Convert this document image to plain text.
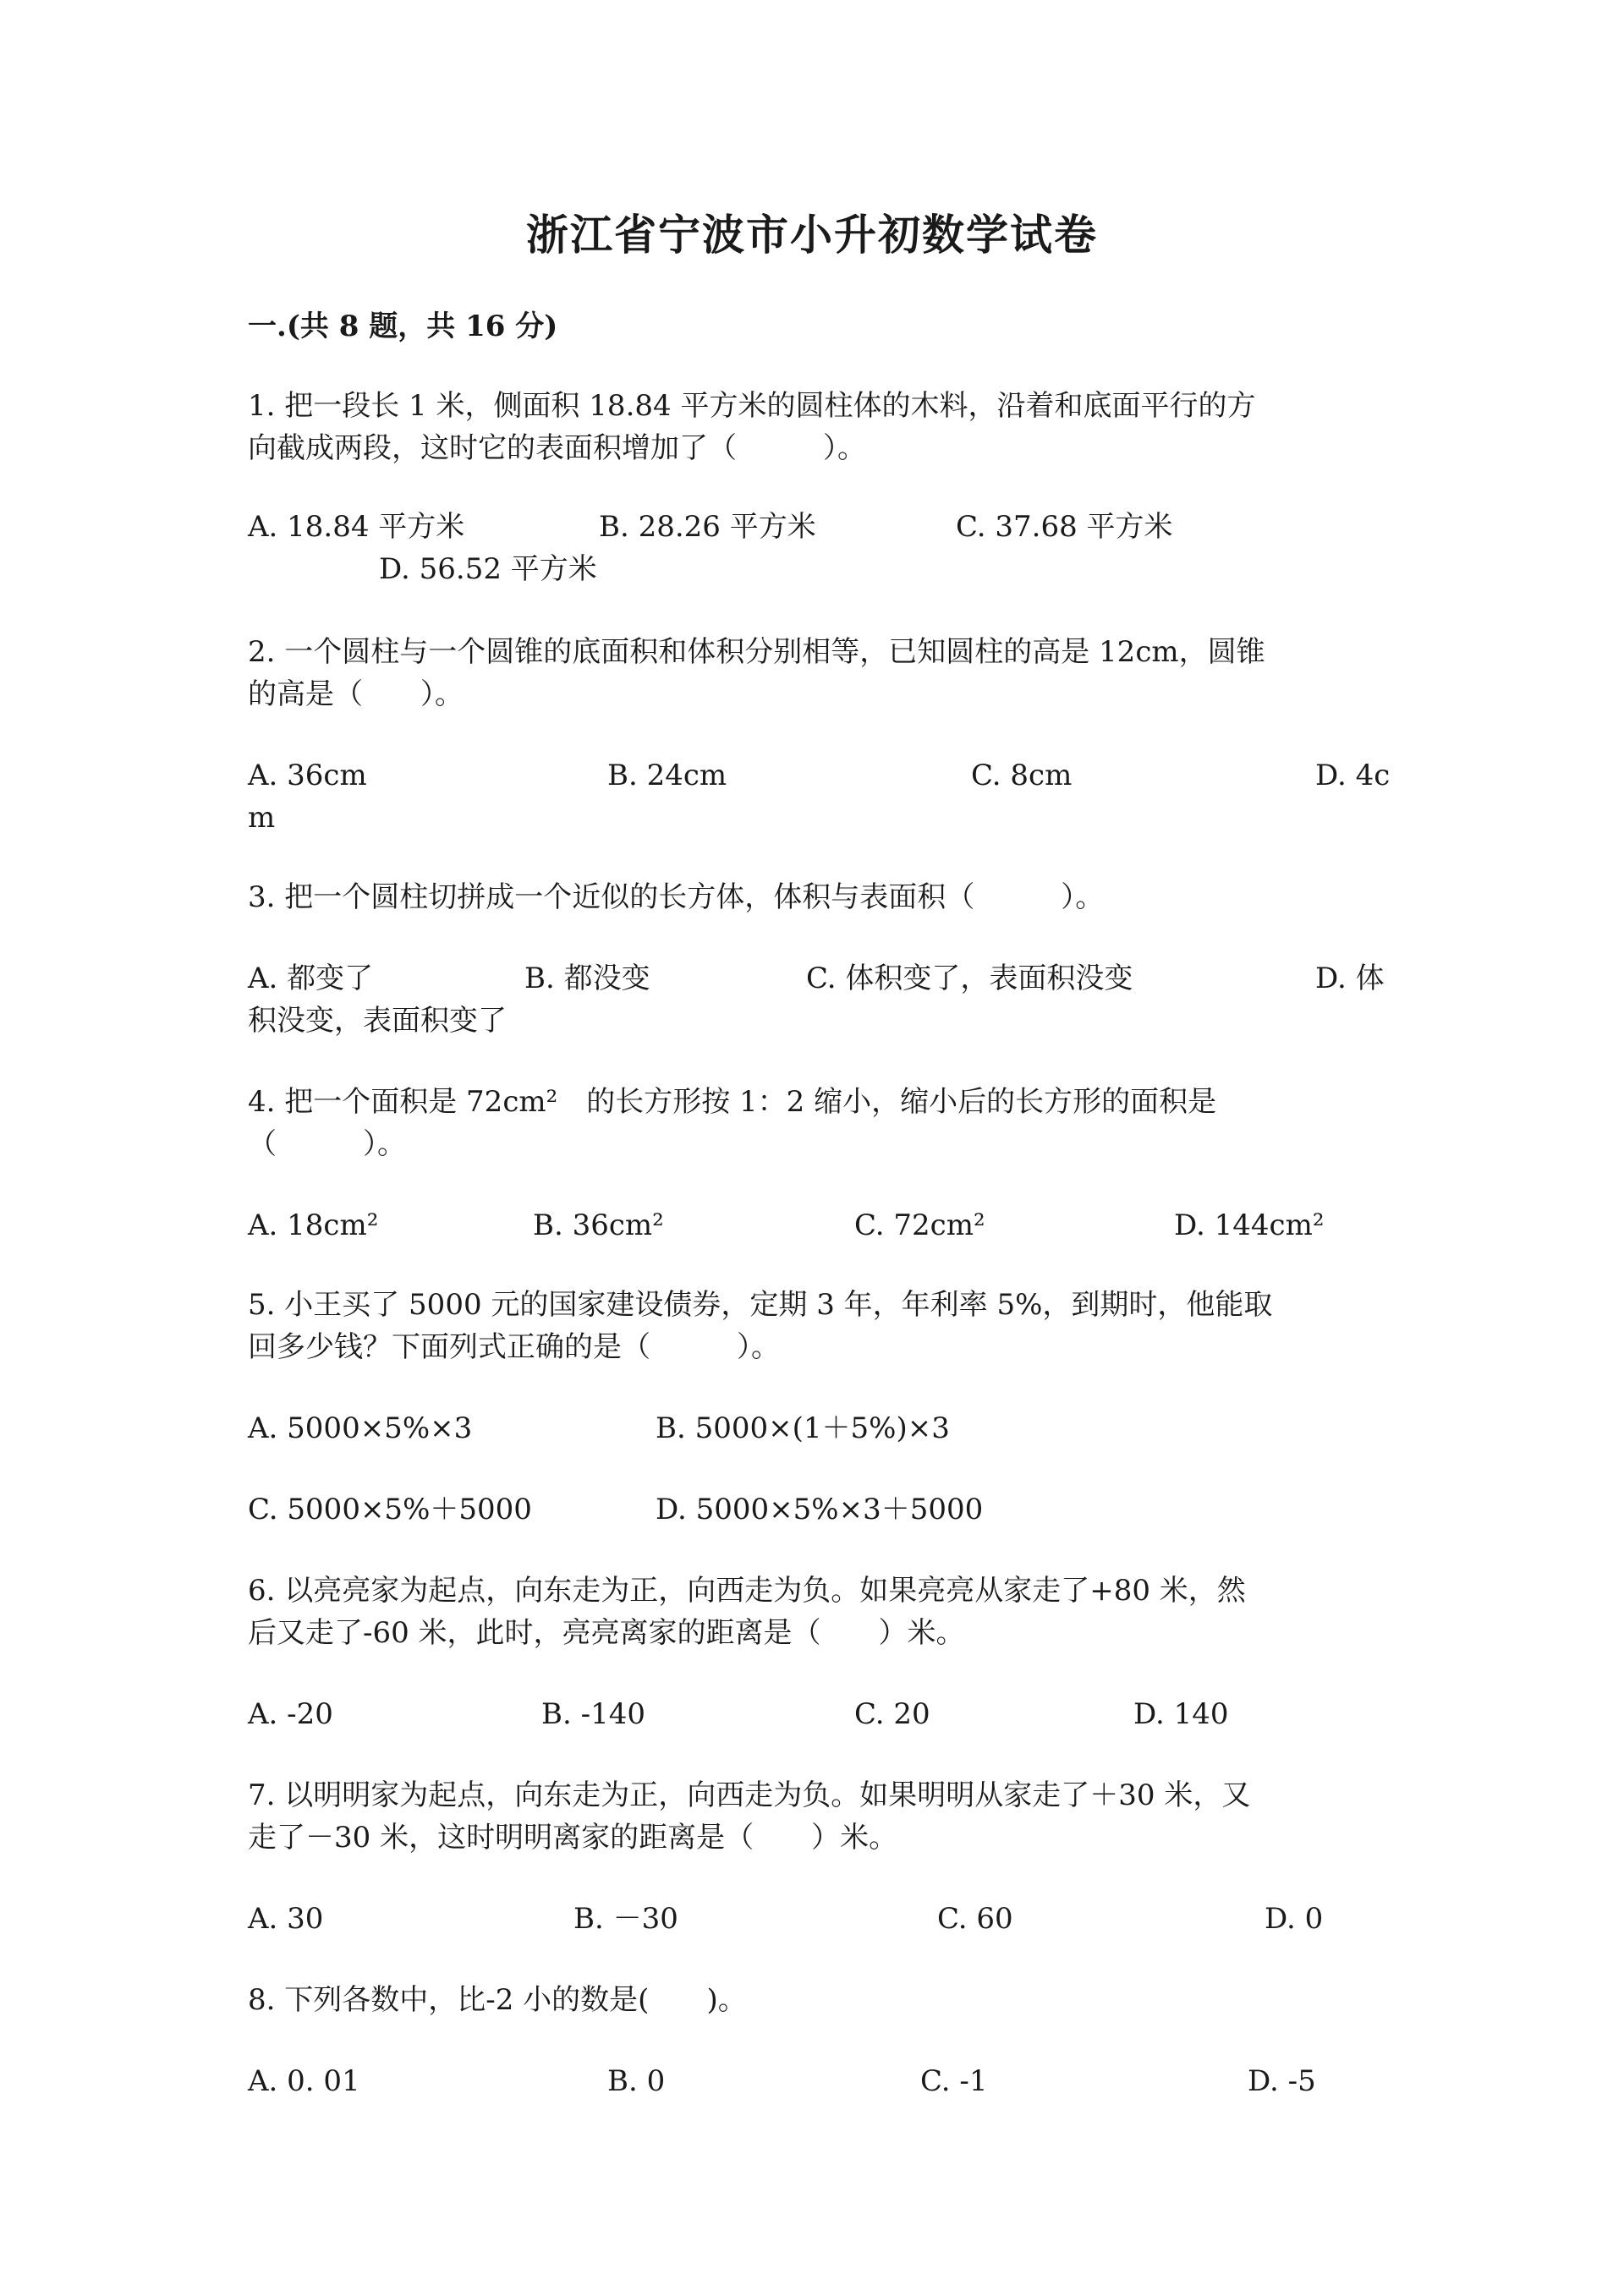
浙江省宁波市小升初数学试卷
一.(共 8 题，共 16 分)
1. 把一段长 1 米，侧面积 18.84 平方米的圆柱体的木料，沿着和底面平行的方
向截成两段，这时它的表面积增加了（　　　）。
A. 18.84 平方米	B. 28.26 平方米	C. 37.68 平方米
D. 56.52 平方米
2. 一个圆柱与一个圆锥的底面积和体积分别相等，已知圆柱的高是 12cm，圆锥
的高是（　　）。
A. 36cm	B. 24cm	C. 8cm	D. 4c
m
3. 把一个圆柱切拼成一个近似的长方体，体积与表面积（　　　）。
A. 都变了	B. 都没变	C. 体积变了，表面积没变	D. 体
积没变，表面积变了
4. 把一个面积是 72cm²　的长方形按 1：2 缩小，缩小后的长方形的面积是
（　　　）。
A. 18cm²	B. 36cm²	C. 72cm²	D. 144cm²
5. 小王买了 5000 元的国家建设债券，定期 3 年，年利率 5%，到期时，他能取
回多少钱？下面列式正确的是（　　　）。
A. 5000×5%×3	B. 5000×(1＋5%)×3
C. 5000×5%＋5000	D. 5000×5%×3＋5000
6. 以亮亮家为起点，向东走为正，向西走为负。如果亮亮从家走了+80 米，然
后又走了-60 米，此时，亮亮离家的距离是（　　）米。
A. -20	B. -140	C. 20	D. 140
7. 以明明家为起点，向东走为正，向西走为负。如果明明从家走了＋30 米，又
走了－30 米，这时明明离家的距离是（　　）米。
A. 30	B. －30	C. 60	D. 0
8. 下列各数中，比-2 小的数是(　　)。
A. 0. 01	B. 0	C. -1	D. -5
